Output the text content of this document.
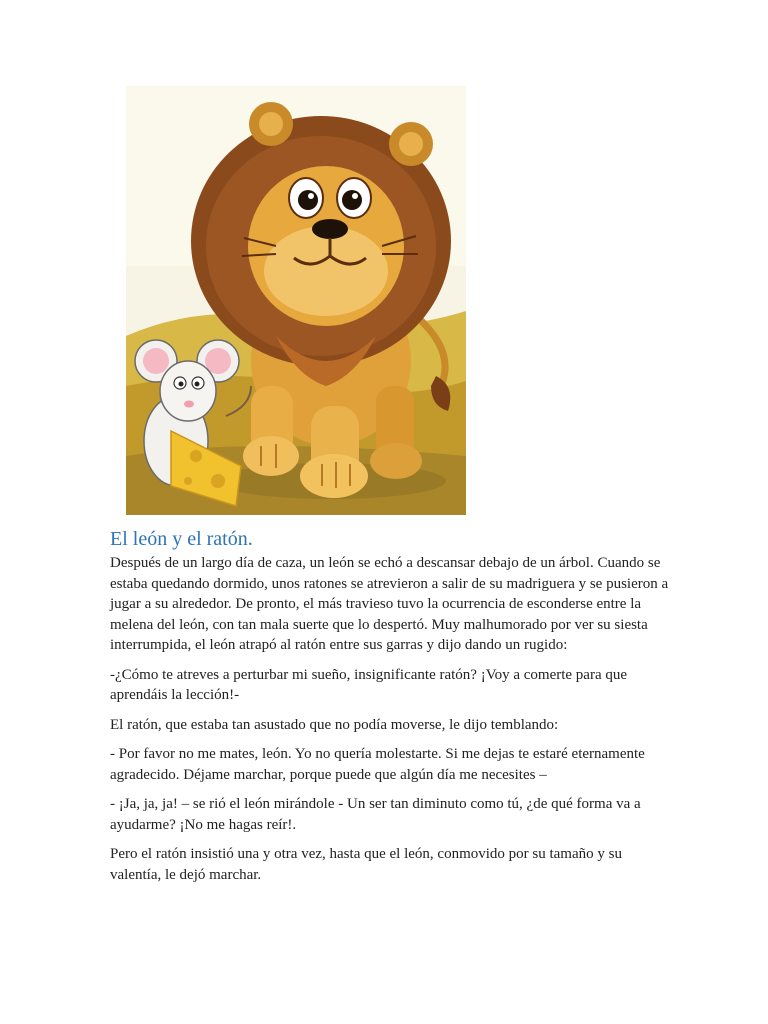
El león y el ratón.

Después de un largo día de caza, un león se echó a descansar debajo de un árbol. Cuando se estaba quedando dormido, unos ratones se atrevieron a salir de su madriguera y se pusieron a jugar a su alrededor. De pronto, el más travieso tuvo la ocurrencia de esconderse entre la melena del león, con tan mala suerte que lo despertó. Muy malhumorado por ver su siesta interrumpida, el león atrapó al ratón entre sus garras y dijo dando un rugido:

-¿Cómo te atreves a perturbar mi sueño, insignificante ratón? ¡Voy a comerte para que aprendáis la lección!-

El ratón, que estaba tan asustado que no podía moverse, le dijo temblando:

- Por favor no me mates, león. Yo no quería molestarte. Si me dejas te estaré eternamente agradecido. Déjame marchar, porque puede que algún día me necesites –

- ¡Ja, ja, ja! – se rió el león mirándole - Un ser tan diminuto como tú, ¿de qué forma va a ayudarme? ¡No me hagas reír!.

Pero el ratón insistió una y otra vez, hasta que el león, conmovido por su tamaño y su valentía, le dejó marchar.
